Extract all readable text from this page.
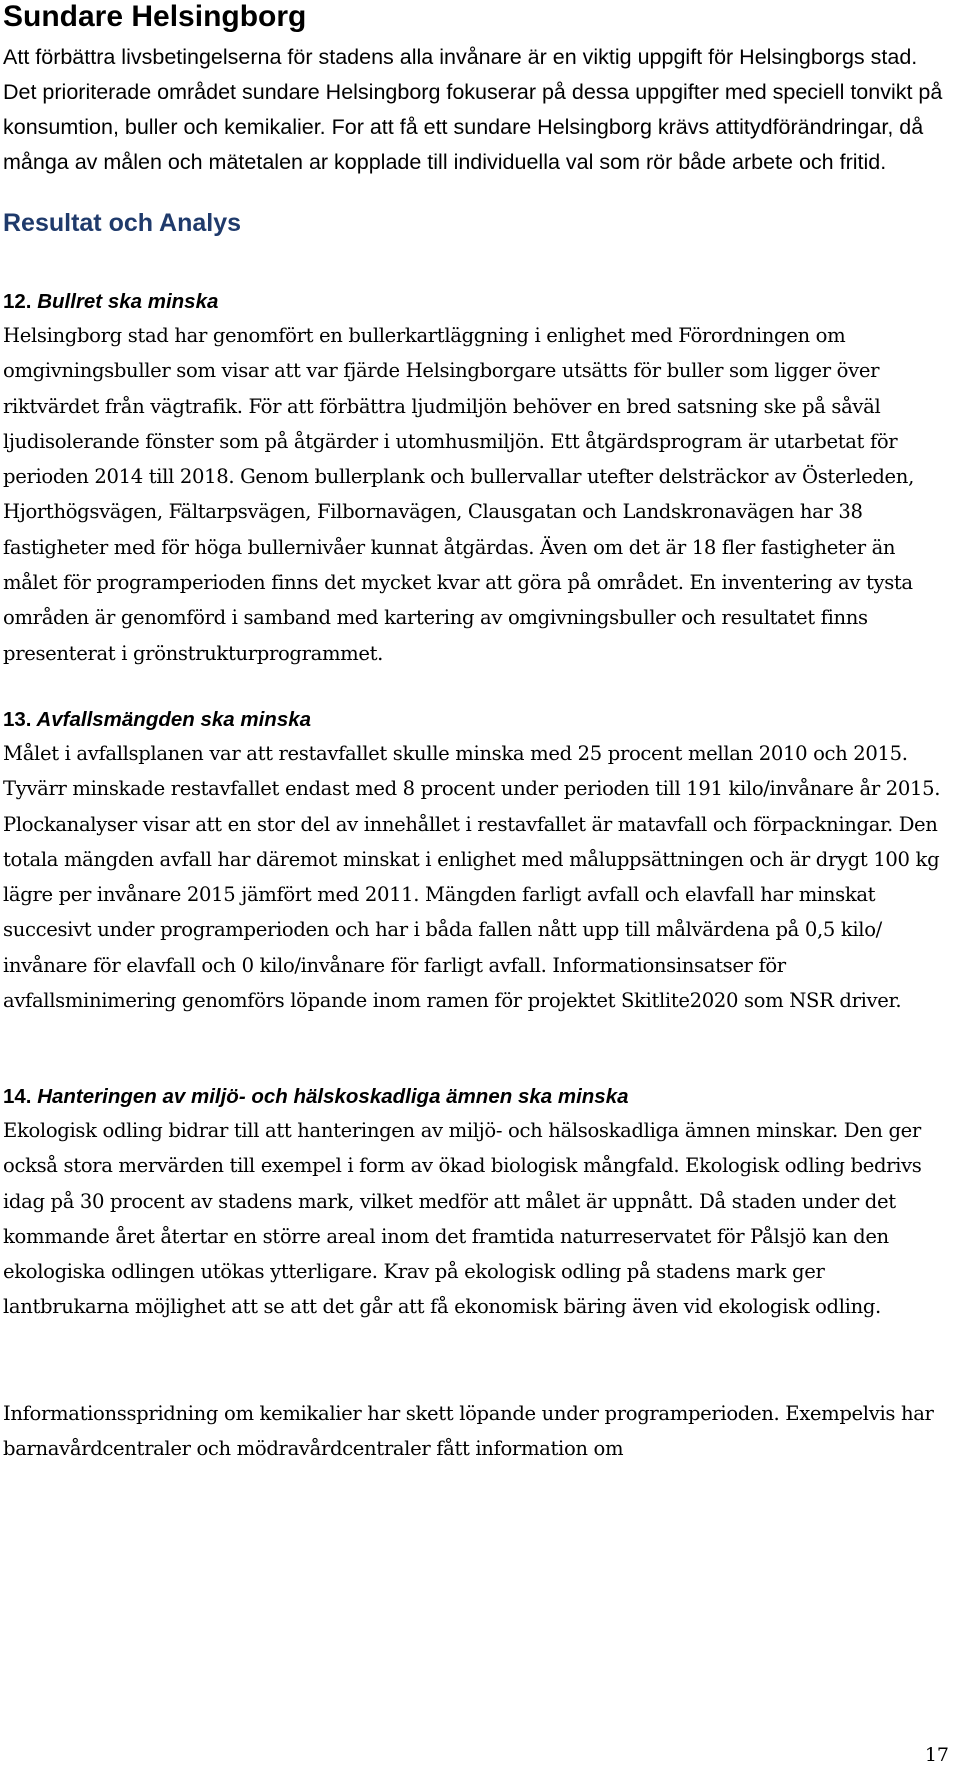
Sundare Helsingborg

Att förbättra livsbetingelserna för stadens alla invånare är en viktig uppgift för Helsingborgs stad. Det prioriterade området sundare Helsingborg fokuserar på dessa uppgifter med speciell tonvikt på konsumtion, buller och kemikalier. For att få ett sundare Helsingborg krävs attitydförändringar, då många av målen och mätetalen ar kopplade till individuella val som rör både arbete och fritid.

Resultat och Analys
12. Bullret ska minska

Helsingborg stad har genomfört en bullerkartläggning i enlighet med Förordningen om omgivningsbuller som visar att var fjärde Helsingborgare utsätts för buller som ligger över riktvärdet från vägtrafik. För att förbättra ljudmiljön behöver en bred satsning ske på såväl ljudisolerande fönster som på åtgärder i utomhusmiljön. Ett åtgärdsprogram är utarbetat för perioden 2014 till 2018. Genom bullerplank och bullervallar utefter delsträckor av Österleden, Hjorthögsvägen, Fältarpsvägen, Filbornavägen, Clausgatan och Landskronavägen har 38 fastigheter med för höga bullernivåer kunnat åtgärdas. Även om det är 18 fler fastigheter än målet för programperioden finns det mycket kvar att göra på området. En inventering av tysta områden är genomförd i samband med kartering av omgivningsbuller och resultatet finns presenterat i grönstrukturprogrammet.

13. Avfallsmängden ska minska

Målet i avfallsplanen var att restavfallet skulle minska med 25 procent mellan 2010 och 2015. Tyvärr minskade restavfallet endast med 8 procent under perioden till 191 kilo/invånare år 2015. Plockanalyser visar att en stor del av innehållet i restavfallet är matavfall och förpackningar. Den totala mängden avfall har däremot minskat i enlighet med måluppsättningen och är drygt 100 kg lägre per invånare 2015 jämfört med 2011. Mängden farligt avfall och elavfall har minskat succesivt under programperioden och har i båda fallen nått upp till målvärdena på 0,5 kilo/ invånare för elavfall och 0 kilo/invånare för farligt avfall. Informationsinsatser för avfallsminimering genomförs löpande inom ramen för projektet Skitlite2020 som NSR driver.

14. Hanteringen av miljö- och hälskoskadliga ämnen ska minska

Ekologisk odling bidrar till att hanteringen av miljö- och hälsoskadliga ämnen minskar. Den ger också stora mervärden till exempel i form av ökad biologisk mångfald. Ekologisk odling bedrivs idag på 30 procent av stadens mark, vilket medför att målet är uppnått. Då staden under det kommande året återtar en större areal inom det framtida naturreservatet för Pålsjö kan den ekologiska odlingen utökas ytterligare. Krav på ekologisk odling på stadens mark ger lantbrukarna möjlighet att se att det går att få ekonomisk bäring även vid ekologisk odling.

Informationsspridning om kemikalier har skett löpande under programperioden. Exempelvis har barnavårdcentraler och mödravårdcentraler fått information om

17
